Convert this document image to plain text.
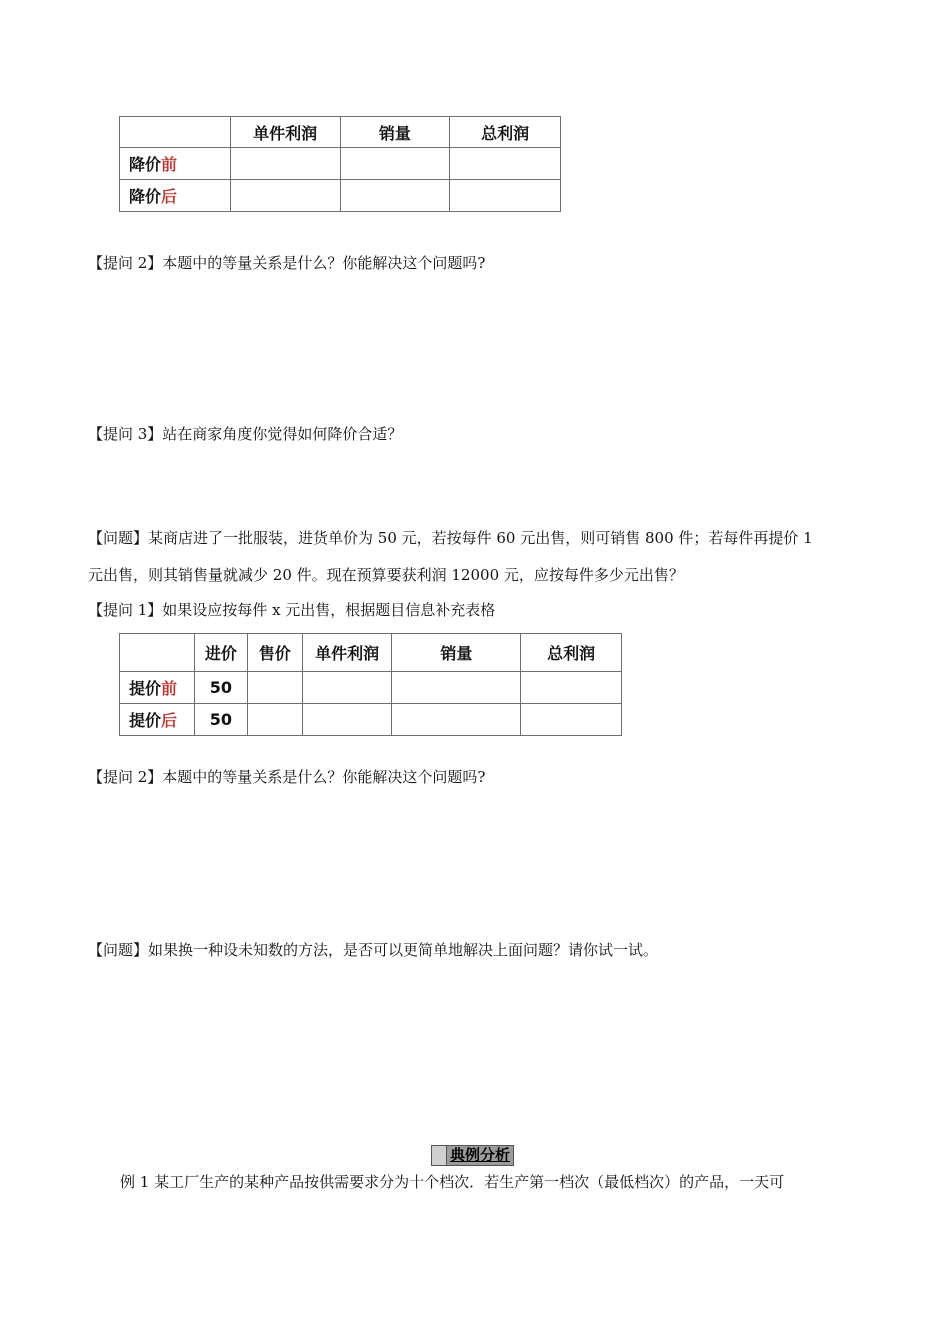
	单件利润	销量	总利润
降价前			
降价后			
【提问 2】本题中的等量关系是什么？你能解决这个问题吗?
【提问 3】站在商家角度你觉得如何降价合适？
【问题】某商店进了一批服装，进货单价为 50 元，若按每件 60 元出售，则可销售 800 件；若每件再提价 1
元出售，则其销售量就减少 20 件。现在预算要获利润 12000 元，应按每件多少元出售？
【提问 1】如果设应按每件 x 元出售，根据题目信息补充表格
	进价	售价	单件利润	销量	总利润
提价前	50				
提价后	50				
【提问 2】本题中的等量关系是什么？你能解决这个问题吗?
【问题】如果换一种设未知数的方法，是否可以更简单地解决上面问题？请你试一试。
典例分析
例 1 某工厂生产的某种产品按供需要求分为十个档次．若生产第一档次（最低档次）的产品，一天可
